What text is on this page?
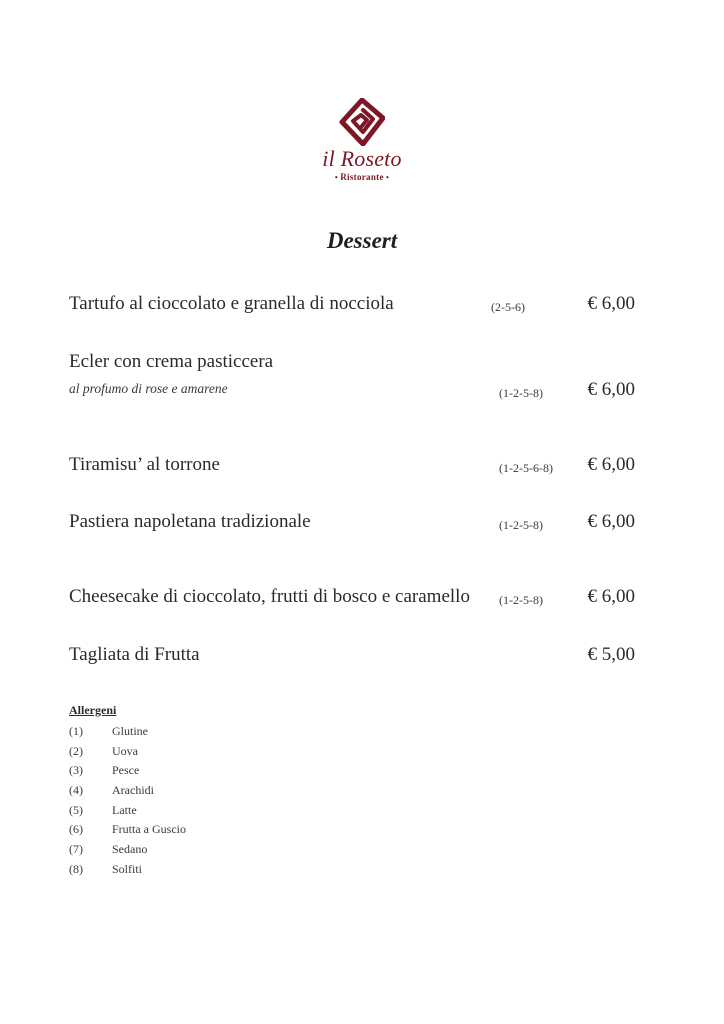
il Roseto
• Ristorante •
Dessert
Tartufo al cioccolato e granella di nocciola	(2-5-6)	€ 6,00
Ecler con crema pasticcera
al profumo di rose e amarene	(1-2-5-8) € 6,00
Tiramisu’ al torrone	(1-2-5-6-8) € 6,00
Pastiera napoletana tradizionale	(1-2-5-8) € 6,00
Cheesecake di cioccolato, frutti di bosco e caramello	(1-2-5-8) € 6,00
Tagliata di Frutta	€ 5,00
Allergeni
(1) Glutine
(2) Uova
(3) Pesce
(4) Arachidi
(5) Latte
(6) Frutta a Guscio
(7) Sedano
(8) Solfiti
